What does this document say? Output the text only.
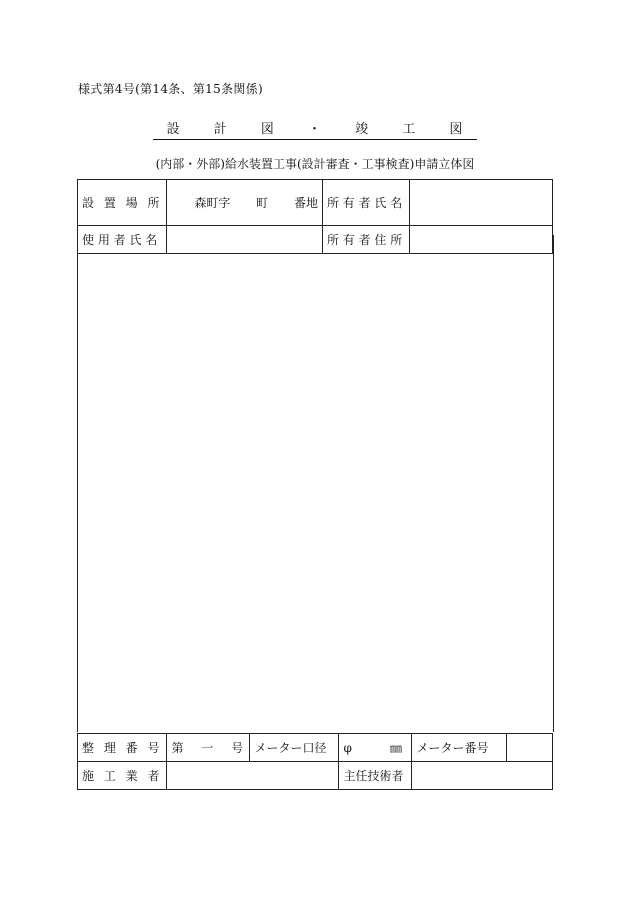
様式第4号(第14条、第15条関係)
設 計 図 ・ 竣 工 図
(内部・外部)給水装置工事(設計審査・工事検査)申請立体図
設 置 場 所	森町字 町 番地	所 有 者 氏 名	
使 用 者 氏 名		所 有 者 住 所	
整 理 番 号	第 一 号	メーター口径	φ          ㎜	メーター番号	
施 工 業 者			主任技術者		
